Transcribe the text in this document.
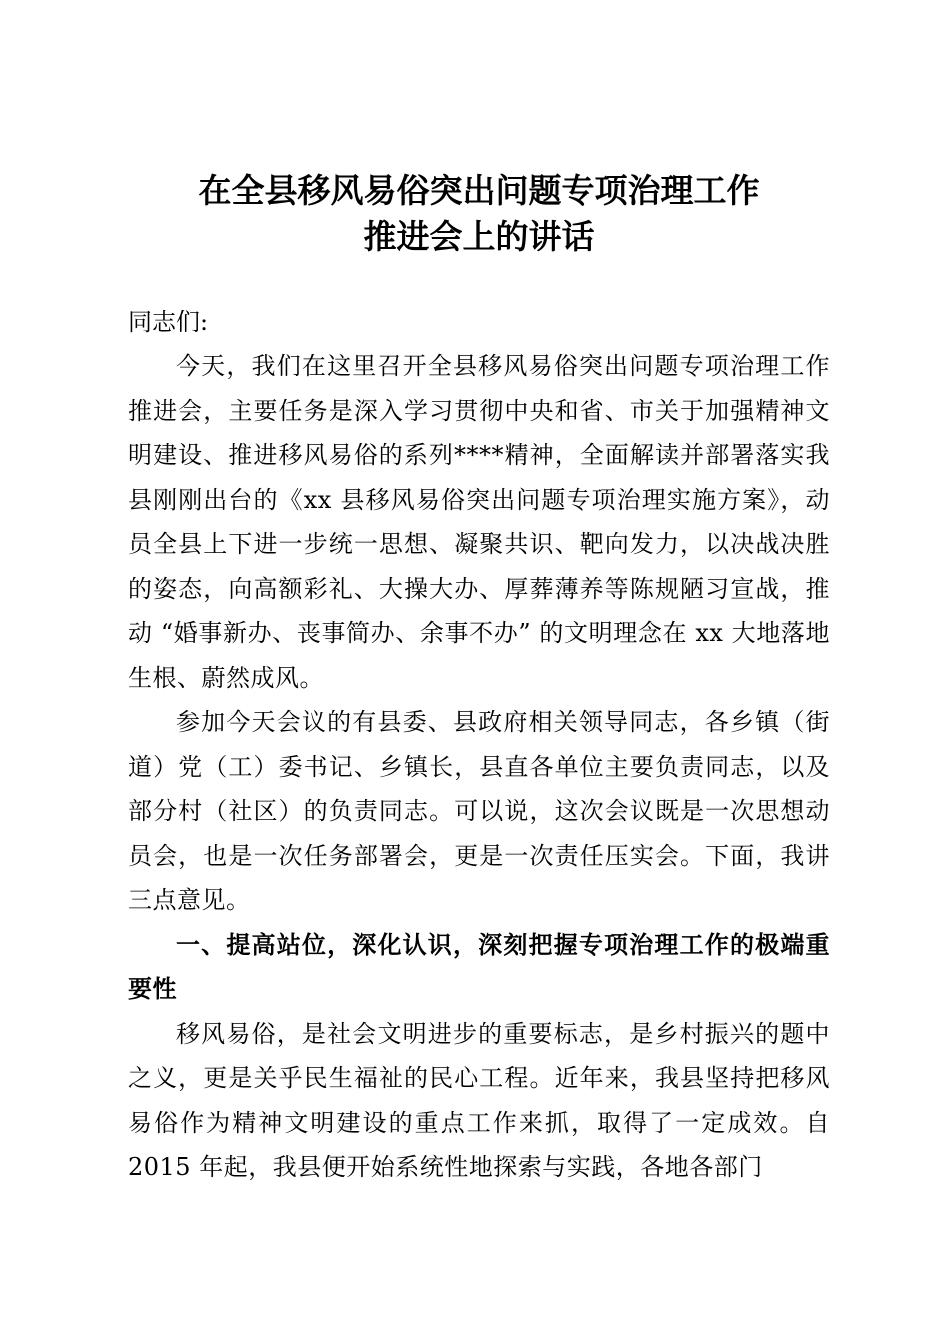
在全县移风易俗突出问题专项治理工作
推进会上的讲话

同志们:

今天，我们在这里召开全县移风易俗突出问题专项治理工作推进会，主要任务是深入学习贯彻中央和省、市关于加强精神文明建设、推进移风易俗的系列****精神，全面解读并部署落实我县刚刚出台的《xx 县移风易俗突出问题专项治理实施方案》，动员全县上下进一步统一思想、凝聚共识、靶向发力，以决战决胜的姿态，向高额彩礼、大操大办、厚葬薄养等陈规陋习宣战，推动 “婚事新办、丧事简办、余事不办” 的文明理念在 xx 大地落地生根、蔚然成风。

参加今天会议的有县委、县政府相关领导同志，各乡镇（街道）党（工）委书记、乡镇长，县直各单位主要负责同志，以及部分村（社区）的负责同志。可以说，这次会议既是一次思想动员会，也是一次任务部署会，更是一次责任压实会。下面，我讲三点意见。

一、提高站位，深化认识，深刻把握专项治理工作的极端重要性

移风易俗，是社会文明进步的重要标志，是乡村振兴的题中之义，更是关乎民生福祉的民心工程。近年来，我县坚持把移风易俗作为精神文明建设的重点工作来抓，取得了一定成效。自 2015 年起，我县便开始系统性地探索与实践，各地各部门
